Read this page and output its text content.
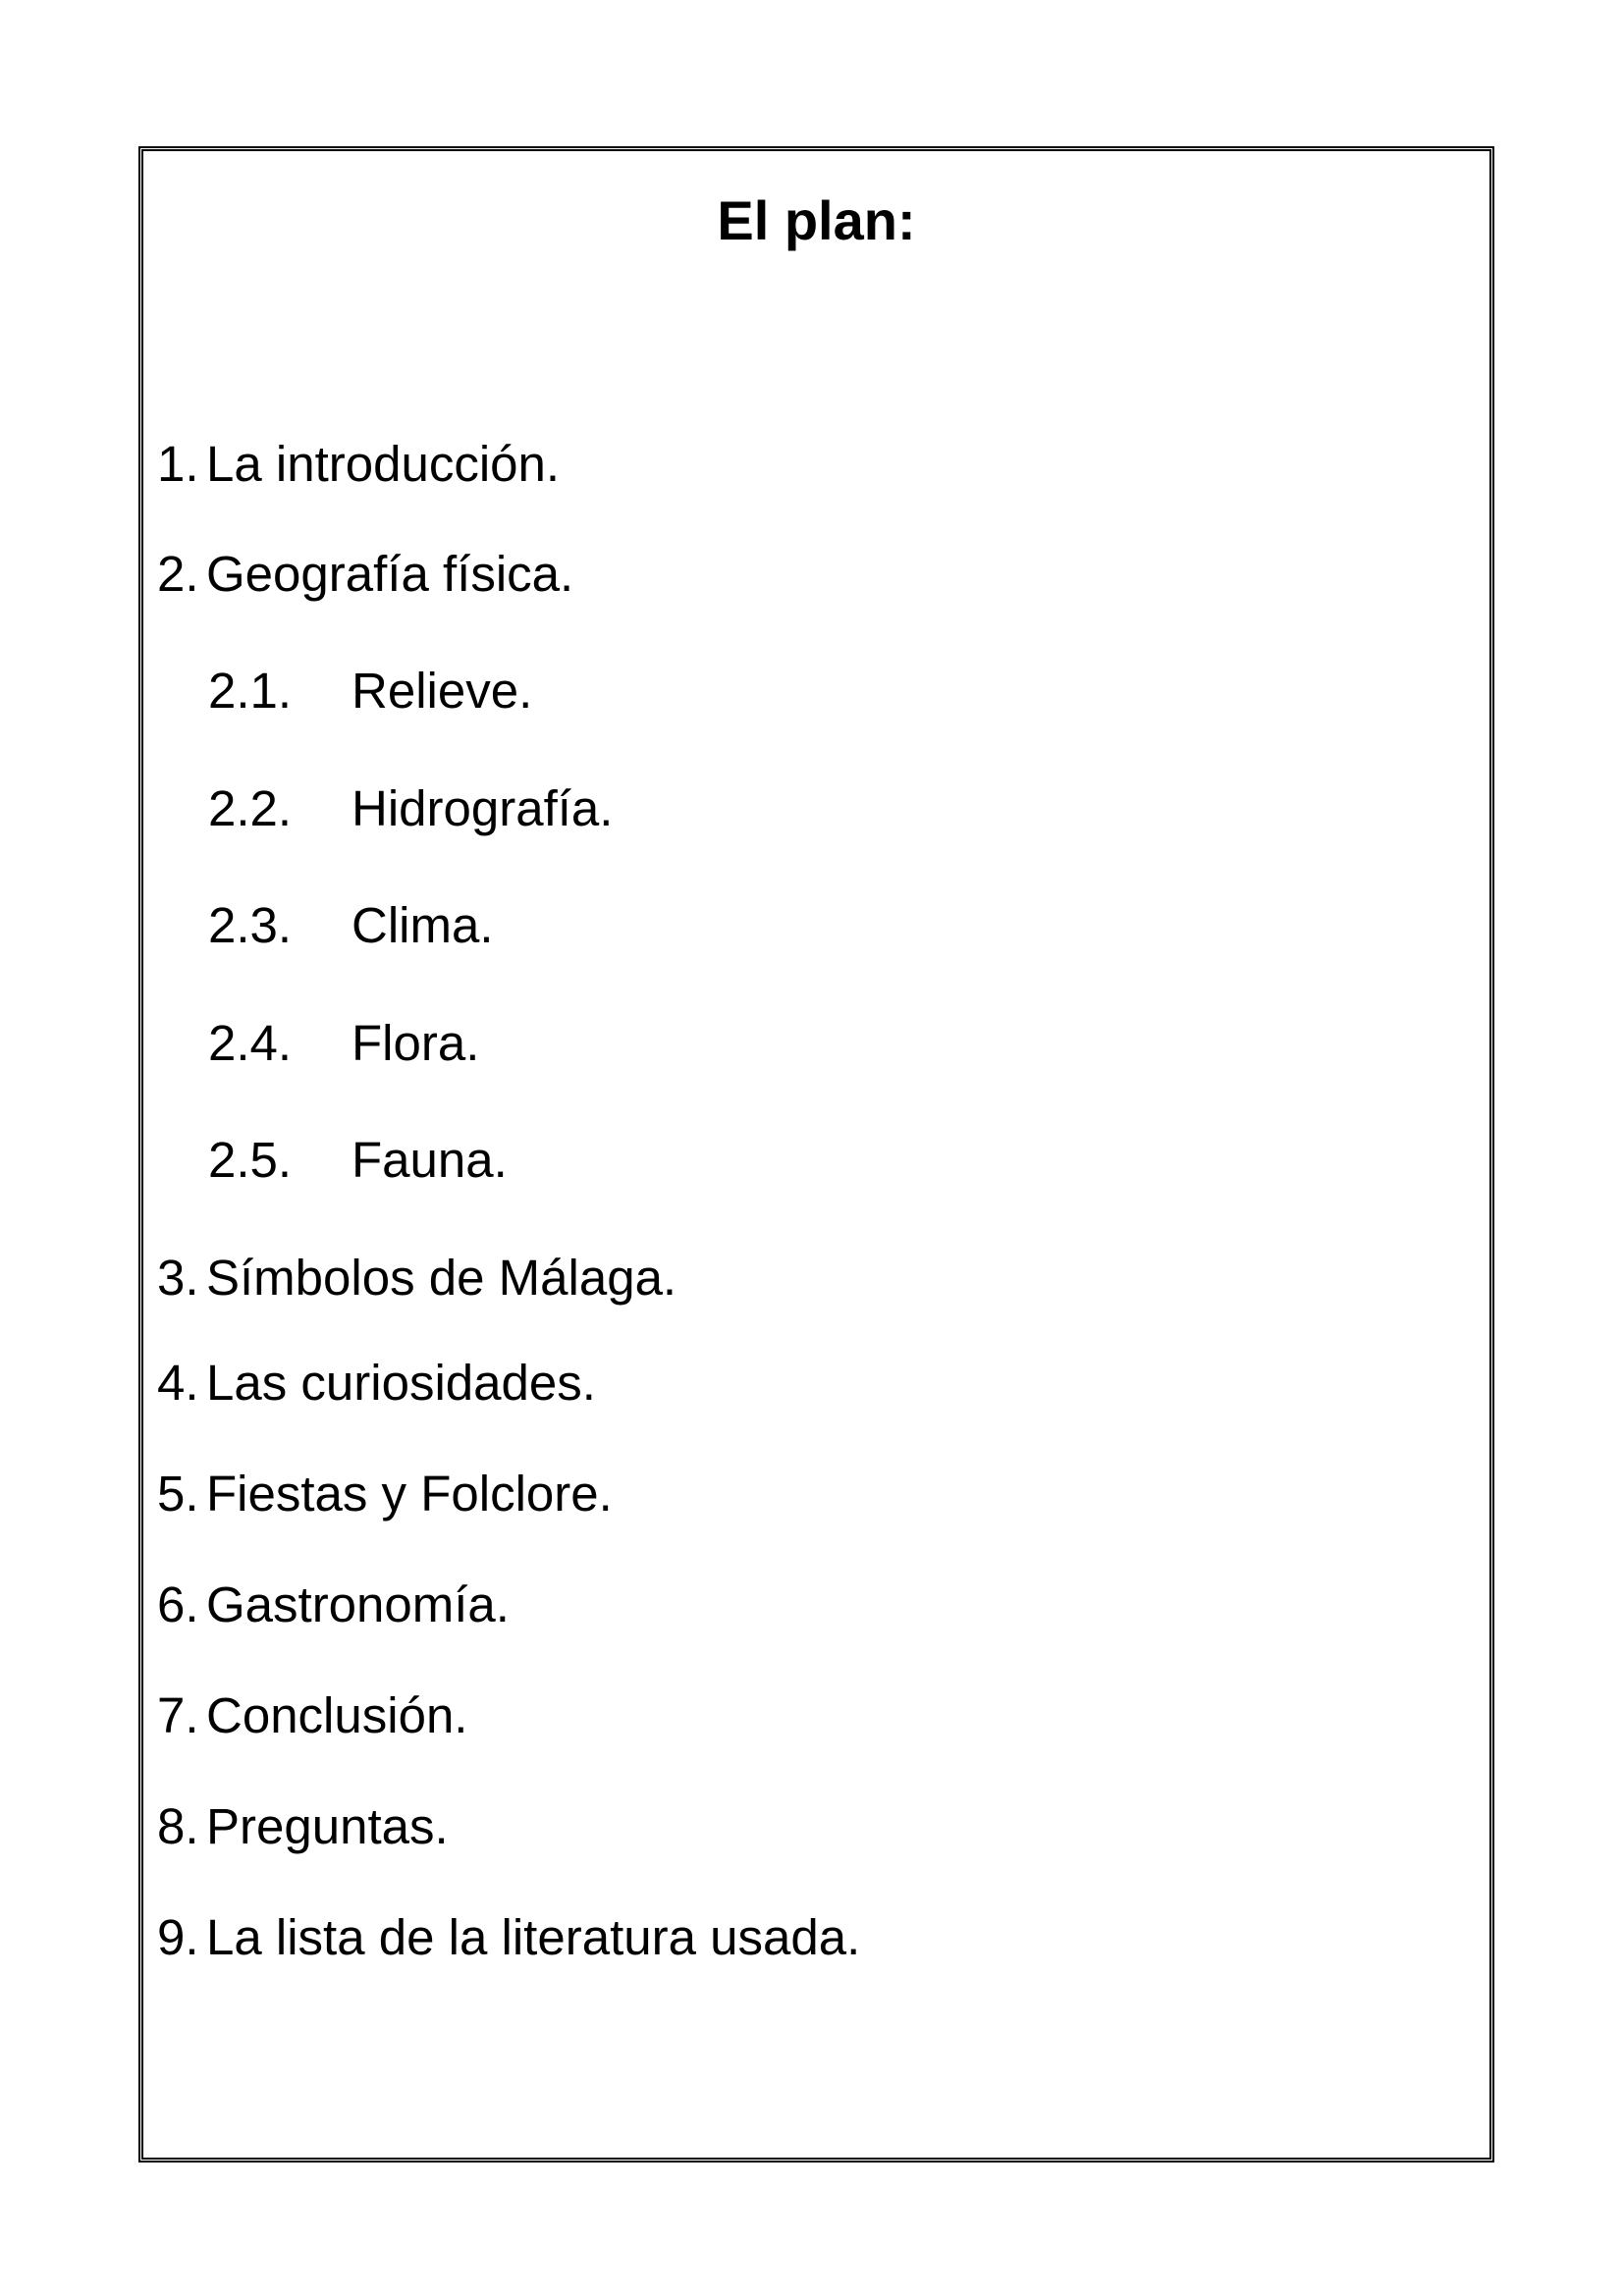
El plan:
1. La introducción.
2. Geografía física.
2.1. Relieve.
2.2. Hidrografía.
2.3. Clima.
2.4. Flora.
2.5. Fauna.
3. Símbolos de Málaga.
4. Las curiosidades.
5. Fiestas y Folclore.
6. Gastronomía.
7. Conclusión.
8. Preguntas.
9. La lista de la literatura usada.
